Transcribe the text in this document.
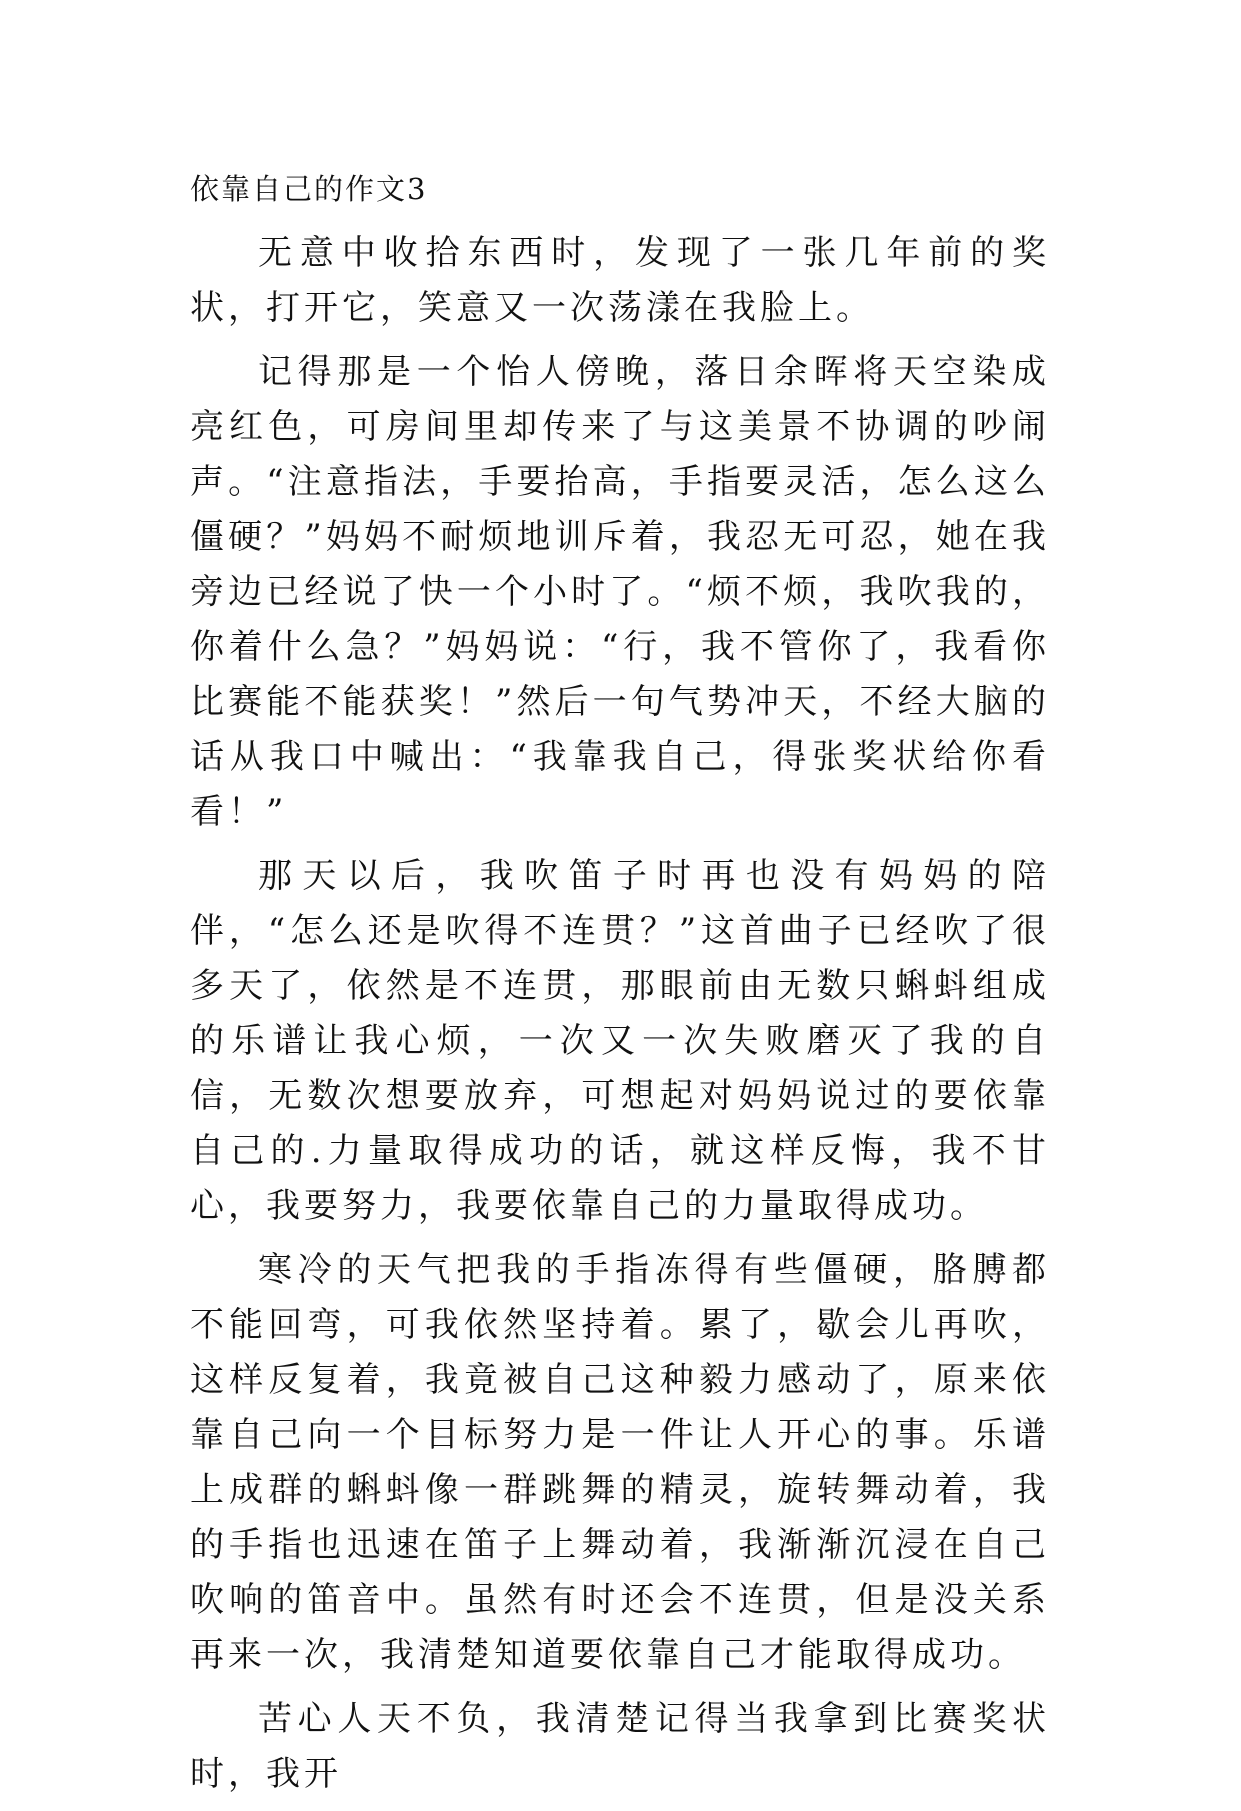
依靠自己的作文3

无意中收拾东西时，发现了一张几年前的奖状，打开它，笑意又一次荡漾在我脸上。

记得那是一个怡人傍晚，落日余晖将天空染成亮红色，可房间里却传来了与这美景不协调的吵闹声。“注意指法，手要抬高，手指要灵活，怎么这么僵硬？”妈妈不耐烦地训斥着，我忍无可忍，她在我旁边已经说了快一个小时了。“烦不烦，我吹我的，你着什么急？”妈妈说：“行，我不管你了，我看你比赛能不能获奖！”然后一句气势冲天，不经大脑的话从我口中喊出：“我靠我自己，得张奖状给你看看！”

那天以后，我吹笛子时再也没有妈妈的陪伴，“怎么还是吹得不连贯？”这首曲子已经吹了很多天了，依然是不连贯，那眼前由无数只蝌蚪组成的乐谱让我心烦，一次又一次失败磨灭了我的自信，无数次想要放弃，可想起对妈妈说过的要依靠自己的.力量取得成功的话，就这样反悔，我不甘心，我要努力，我要依靠自己的力量取得成功。

寒冷的天气把我的手指冻得有些僵硬，胳膊都不能回弯，可我依然坚持着。累了，歇会儿再吹，这样反复着，我竟被自己这种毅力感动了，原来依靠自己向一个目标努力是一件让人开心的事。乐谱上成群的蝌蚪像一群跳舞的精灵，旋转舞动着，我的手指也迅速在笛子上舞动着，我渐渐沉浸在自己吹响的笛音中。虽然有时还会不连贯，但是没关系再来一次，我清楚知道要依靠自己才能取得成功。

苦心人天不负，我清楚记得当我拿到比赛奖状时，我开
